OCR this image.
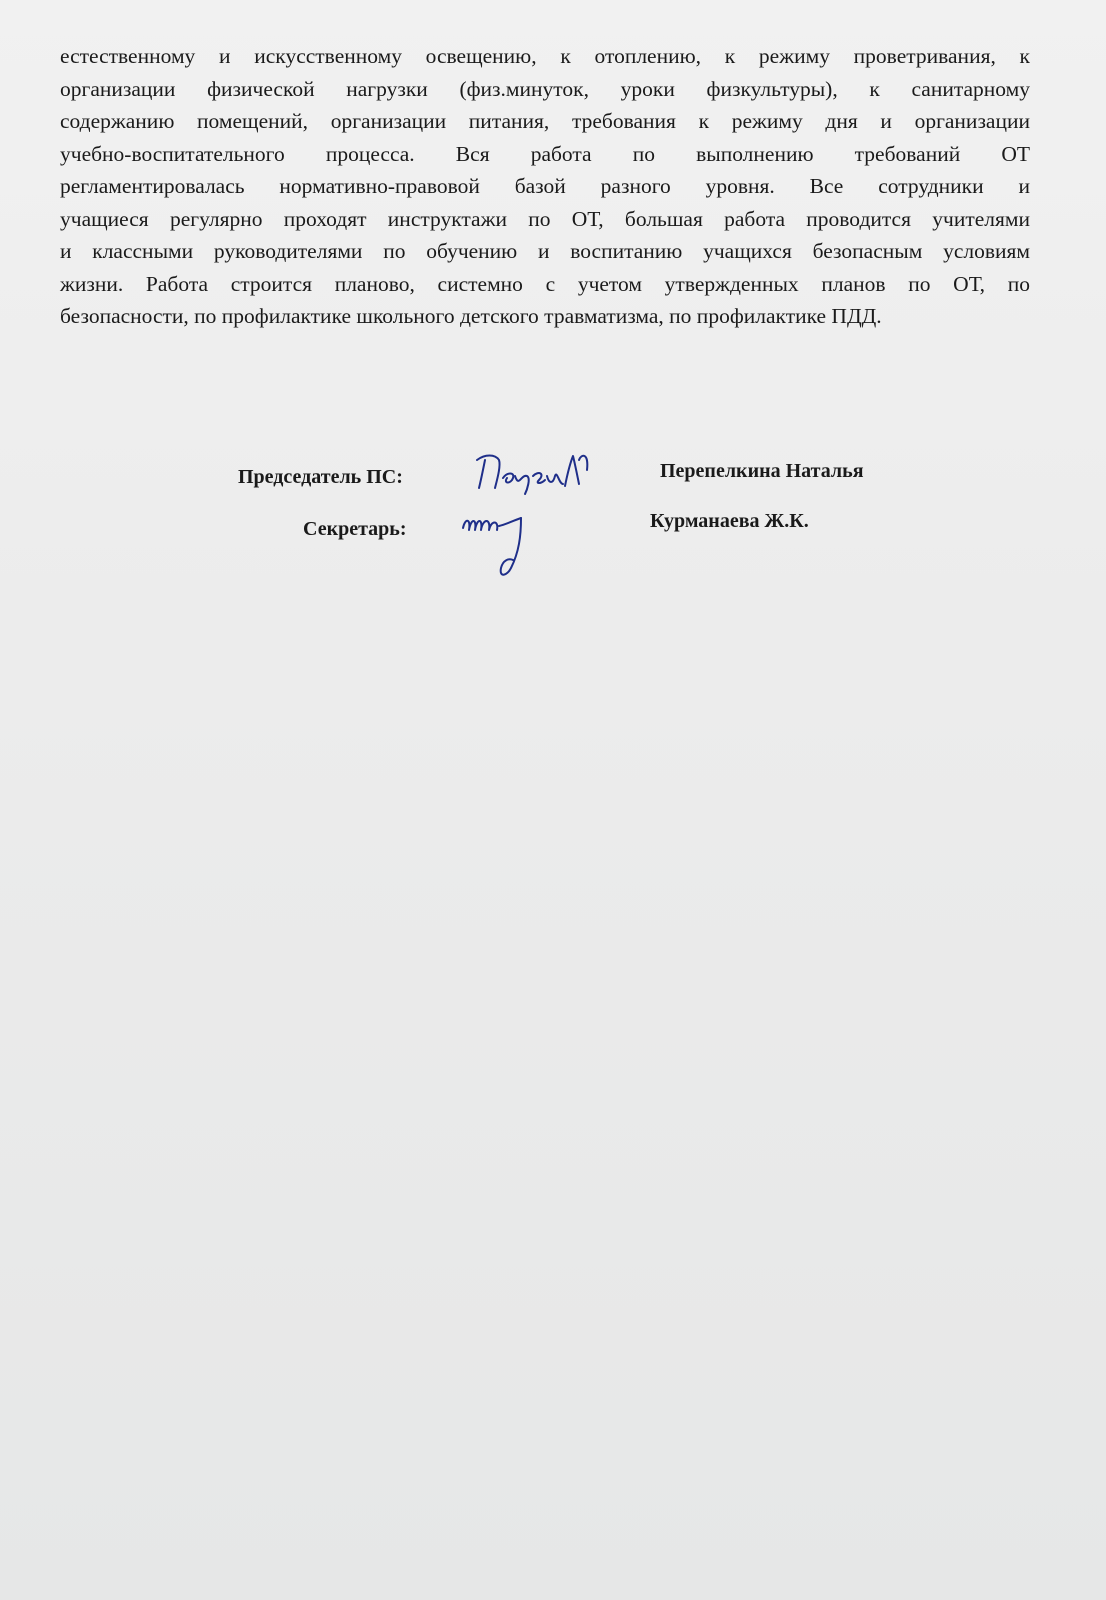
естественному и искусственному освещению, к отоплению, к режиму проветривания, к
организации физической нагрузки (физ.минуток, уроки физкультуры), к санитарному
содержанию помещений, организации питания, требования к режиму дня и организации
учебно-воспитательного процесса. Вся работа по выполнению требований ОТ
регламентировалась нормативно-правовой базой разного уровня. Все сотрудники и
учащиеся регулярно проходят инструктажи по ОТ, большая работа проводится учителями
и классными руководителями по обучению и воспитанию учащихся безопасным условиям
жизни. Работа строится планово, системно с учетом утвержденных планов по ОТ, по
безопасности, по профилактике школьного детского травматизма, по профилактике ПДД.
Председатель ПС:	Перепелкина Наталья
Секретарь:	Курманаева Ж.К.
